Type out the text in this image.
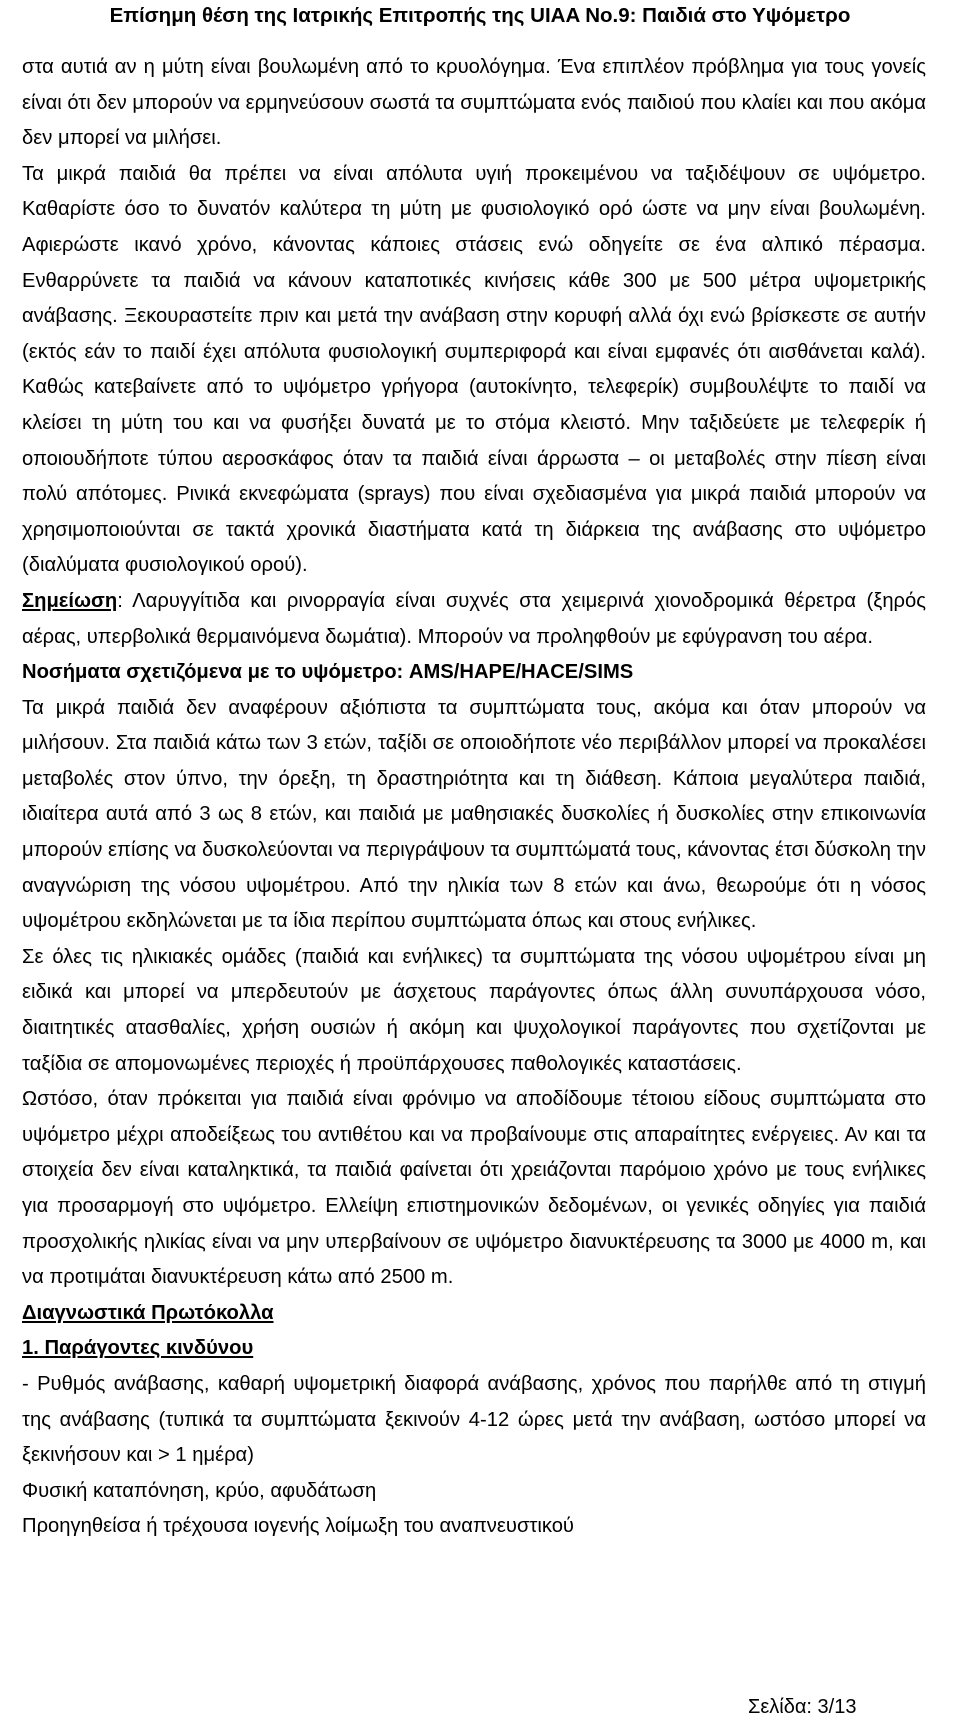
Επίσημη θέση της Ιατρικής Επιτροπής της UIAA No.9: Παιδιά στο Υψόμετρο

στα αυτιά αν η μύτη είναι βουλωμένη από το κρυολόγημα. Ένα επιπλέον πρόβλημα για τους γονείς είναι ότι δεν μπορούν να ερμηνεύσουν σωστά τα συμπτώματα ενός παιδιού που κλαίει και που ακόμα δεν μπορεί να μιλήσει.

Τα μικρά παιδιά θα πρέπει να είναι απόλυτα υγιή προκειμένου να ταξιδέψουν σε υψόμετρο. Καθαρίστε όσο το δυνατόν καλύτερα τη μύτη με φυσιολογικό ορό ώστε να μην είναι βουλωμένη. Αφιερώστε ικανό χρόνο, κάνοντας κάποιες στάσεις ενώ οδηγείτε σε ένα αλπικό πέρασμα. Ενθαρρύνετε τα παιδιά να κάνουν καταποτικές κινήσεις κάθε 300 με 500 μέτρα υψομετρικής ανάβασης. Ξεκουραστείτε πριν και μετά την ανάβαση στην κορυφή αλλά όχι ενώ βρίσκεστε σε αυτήν (εκτός εάν το παιδί έχει απόλυτα φυσιολογική συμπεριφορά και είναι εμφανές ότι αισθάνεται καλά). Καθώς κατεβαίνετε από το υψόμετρο γρήγορα (αυτοκίνητο, τελεφερίκ) συμβουλέψτε το παιδί να κλείσει τη μύτη του και να φυσήξει δυνατά με το στόμα κλειστό. Μην ταξιδεύετε με τελεφερίκ ή οποιουδήποτε τύπου αεροσκάφος όταν τα παιδιά είναι άρρωστα – οι μεταβολές στην πίεση είναι πολύ απότομες. Ρινικά εκνεφώματα (sprays) που είναι σχεδιασμένα για μικρά παιδιά μπορούν να χρησιμοποιούνται σε τακτά χρονικά διαστήματα κατά τη διάρκεια της ανάβασης στο υψόμετρο (διαλύματα φυσιολογικού ορού).

Σημείωση: Λαρυγγίτιδα και ρινορραγία είναι συχνές στα χειμερινά χιονοδρομικά θέρετρα (ξηρός αέρας, υπερβολικά θερμαινόμενα δωμάτια). Μπορούν να προληφθούν με εφύγρανση του αέρα.

Νοσήματα σχετιζόμενα με το υψόμετρο: AMS/HAPE/HACE/SIMS

Τα μικρά παιδιά δεν αναφέρουν αξιόπιστα τα συμπτώματα τους, ακόμα και όταν μπορούν να μιλήσουν. Στα παιδιά κάτω των 3 ετών, ταξίδι σε οποιοδήποτε νέο περιβάλλον μπορεί να προκαλέσει μεταβολές στον ύπνο, την όρεξη, τη δραστηριότητα και τη διάθεση. Κάποια μεγαλύτερα παιδιά, ιδιαίτερα αυτά από 3 ως 8 ετών, και παιδιά με μαθησιακές δυσκολίες ή δυσκολίες στην επικοινωνία μπορούν επίσης να δυσκολεύονται να περιγράψουν τα συμπτώματά τους, κάνοντας έτσι δύσκολη την αναγνώριση της νόσου υψομέτρου. Από την ηλικία των 8 ετών και άνω, θεωρούμε ότι η νόσος υψομέτρου εκδηλώνεται με τα ίδια περίπου συμπτώματα όπως και στους ενήλικες.

Σε όλες τις ηλικιακές ομάδες (παιδιά και ενήλικες) τα συμπτώματα της νόσου υψομέτρου είναι μη ειδικά και μπορεί να μπερδευτούν με άσχετους παράγοντες όπως άλλη συνυπάρχουσα νόσο, διαιτητικές ατασθαλίες, χρήση ουσιών ή ακόμη και ψυχολογικοί παράγοντες που σχετίζονται με ταξίδια σε απομονωμένες περιοχές ή προϋπάρχουσες παθολογικές καταστάσεις.

Ωστόσο, όταν πρόκειται για παιδιά είναι φρόνιμο να αποδίδουμε τέτοιου είδους συμπτώματα στο υψόμετρο μέχρι αποδείξεως του αντιθέτου και να προβαίνουμε στις απαραίτητες ενέργειες. Αν και τα στοιχεία δεν είναι καταληκτικά, τα παιδιά φαίνεται ότι χρειάζονται παρόμοιο χρόνο με τους ενήλικες για προσαρμογή στο υψόμετρο. Ελλείψη επιστημονικών δεδομένων, οι γενικές οδηγίες για παιδιά προσχολικής ηλικίας είναι να μην υπερβαίνουν σε υψόμετρο διανυκτέρευσης τα 3000 με 4000 m, και να προτιμάται διανυκτέρευση κάτω από 2500 m.

Διαγνωστικά Πρωτόκολλα

1. Παράγοντες κινδύνου

- Ρυθμός ανάβασης, καθαρή υψομετρική διαφορά ανάβασης, χρόνος που παρήλθε από τη στιγμή της ανάβασης (τυπικά τα συμπτώματα ξεκινούν 4-12 ώρες μετά την ανάβαση, ωστόσο μπορεί να ξεκινήσουν και > 1 ημέρα)

Φυσική καταπόνηση, κρύο, αφυδάτωση

Προηγηθείσα ή τρέχουσα ιογενής λοίμωξη του αναπνευστικού

Σελίδα: 3/13
